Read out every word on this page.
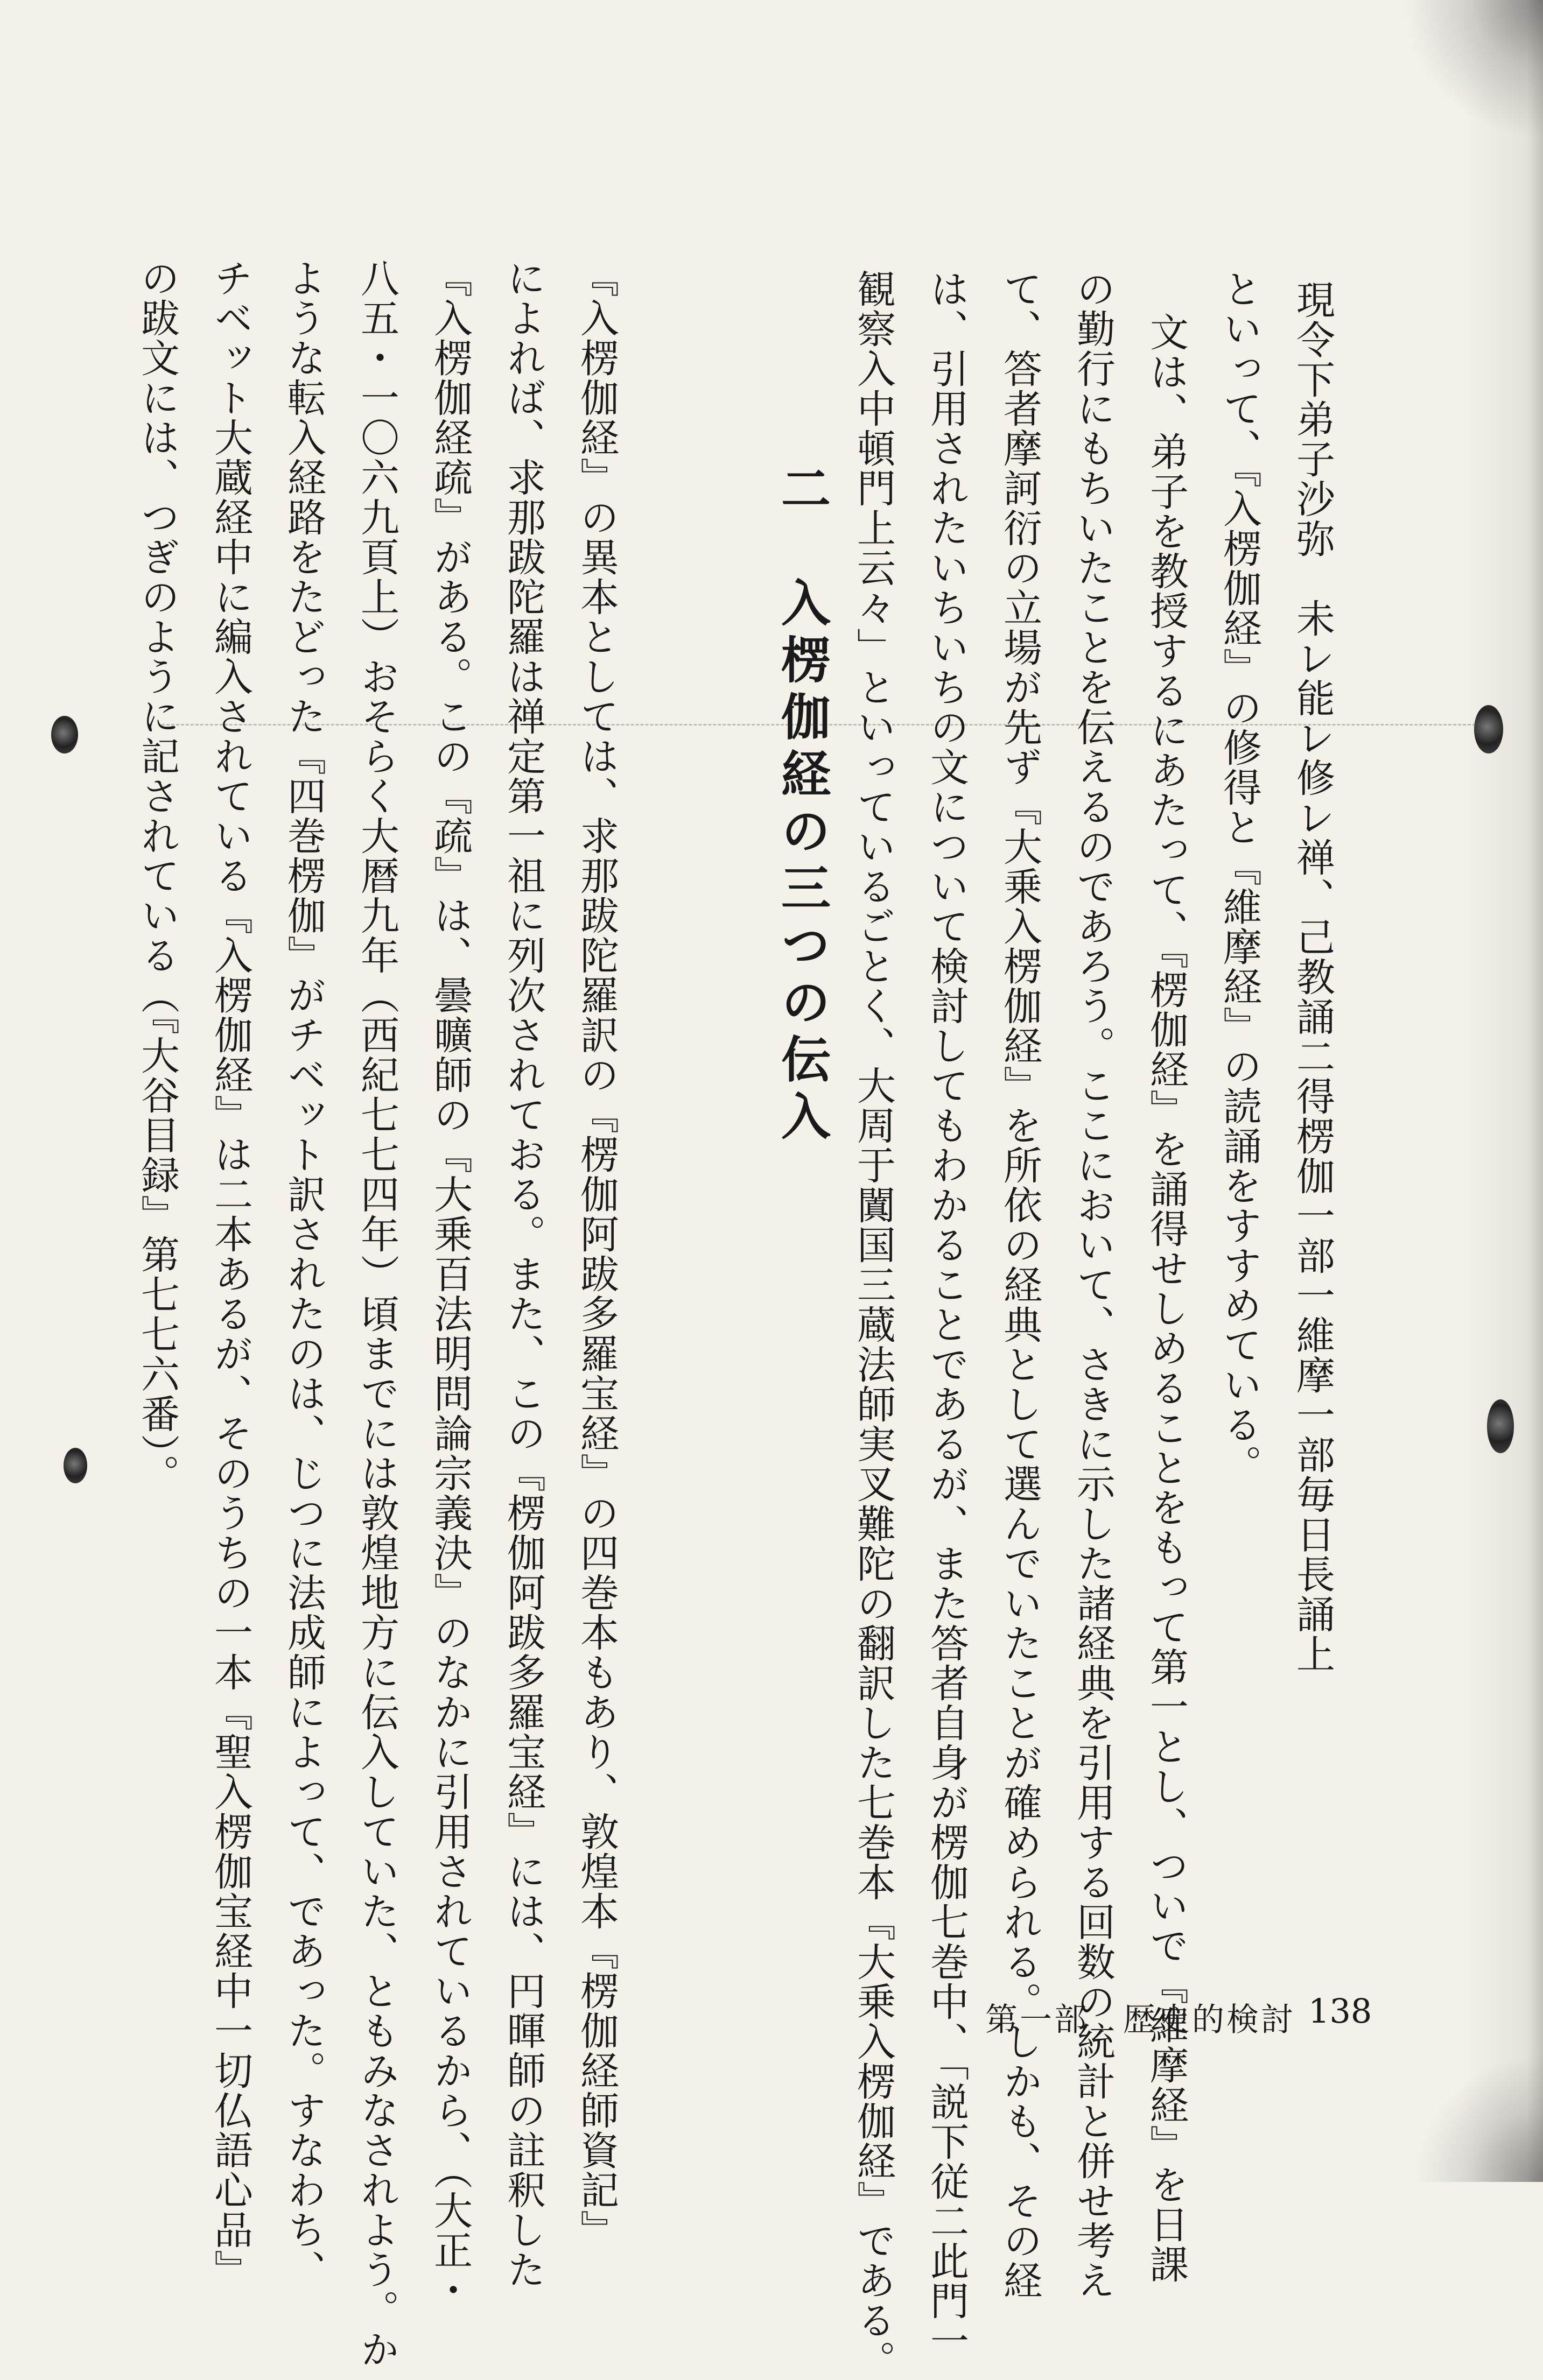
現令下弟子沙弥　未レ能レ修レ禅、己教誦二得楞伽一部一維摩一部毎日長誦上
といって、『入楞伽経』の修得と『維摩経』の読誦をすすめている。
文は、弟子を教授するにあたって、『楞伽経』を誦得せしめることをもって第一とし、ついで『維摩経』を日課
の勤行にもちいたことを伝えるのであろう。ここにおいて、さきに示した諸経典を引用する回数の統計と併せ考え
て、答者摩訶衍の立場が先ず『大乗入楞伽経』を所依の経典として選んでいたことが確められる。しかも、その経
は、引用されたいちいちの文について検討してもわかることであるが、また答者自身が楞伽七巻中、「説下従二此門一
観察入中頓門上云々」といっているごとく、大周于闐国三蔵法師実叉難陀の翻訳した七巻本『大乗入楞伽経』である。
二　入楞伽経の三つの伝入
『入楞伽経』の異本としては、求那跋陀羅訳の『楞伽阿跋多羅宝経』の四巻本もあり、敦煌本『楞伽経師資記』
によれば、求那跋陀羅は禅定第一祖に列次されておる。また、この『楞伽阿跋多羅宝経』には、円暉師の註釈した
『入楞伽経疏』がある。この『疏』は、曇曠師の『大乗百法明問論宗義決』のなかに引用されているから、（大正・
八五・一〇六九頁上）おそらく大暦九年（西紀七七四年）頃までには敦煌地方に伝入していた、ともみなされよう。か
ような転入経路をたどった『四巻楞伽』がチベット訳されたのは、じつに法成師によって、であった。すなわち、
チベット大蔵経中に編入されている『入楞伽経』は二本あるが、そのうちの一本『聖入楞伽宝経中一切仏語心品』
の跋文には、つぎのように記されている（『大谷目録』第七七六番）。
第一部　歴史的検討 138
